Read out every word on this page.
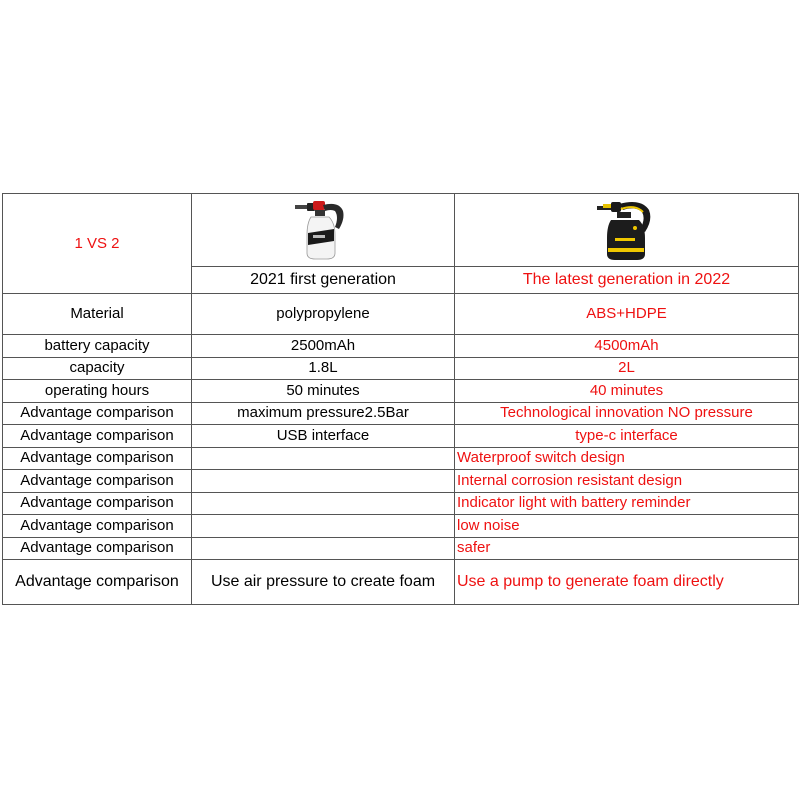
1 VS 2	

	2021 first generation	The latest generation in 2022
Material	polypropylene	ABS+HDPE
battery capacity	2500mAh	4500mAh
capacity	1.8L	2L
operating hours	50 minutes	40 minutes
Advantage comparison	maximum pressure2.5Bar	Technological innovation NO pressure
Advantage comparison	USB interface	type-c interface
Advantage comparison		Waterproof switch design
Advantage comparison		Internal corrosion resistant design
Advantage comparison		Indicator light with battery reminder
Advantage comparison		low noise
Advantage comparison		safer
Advantage comparison	Use air pressure to create foam	Use a pump to generate foam directly
